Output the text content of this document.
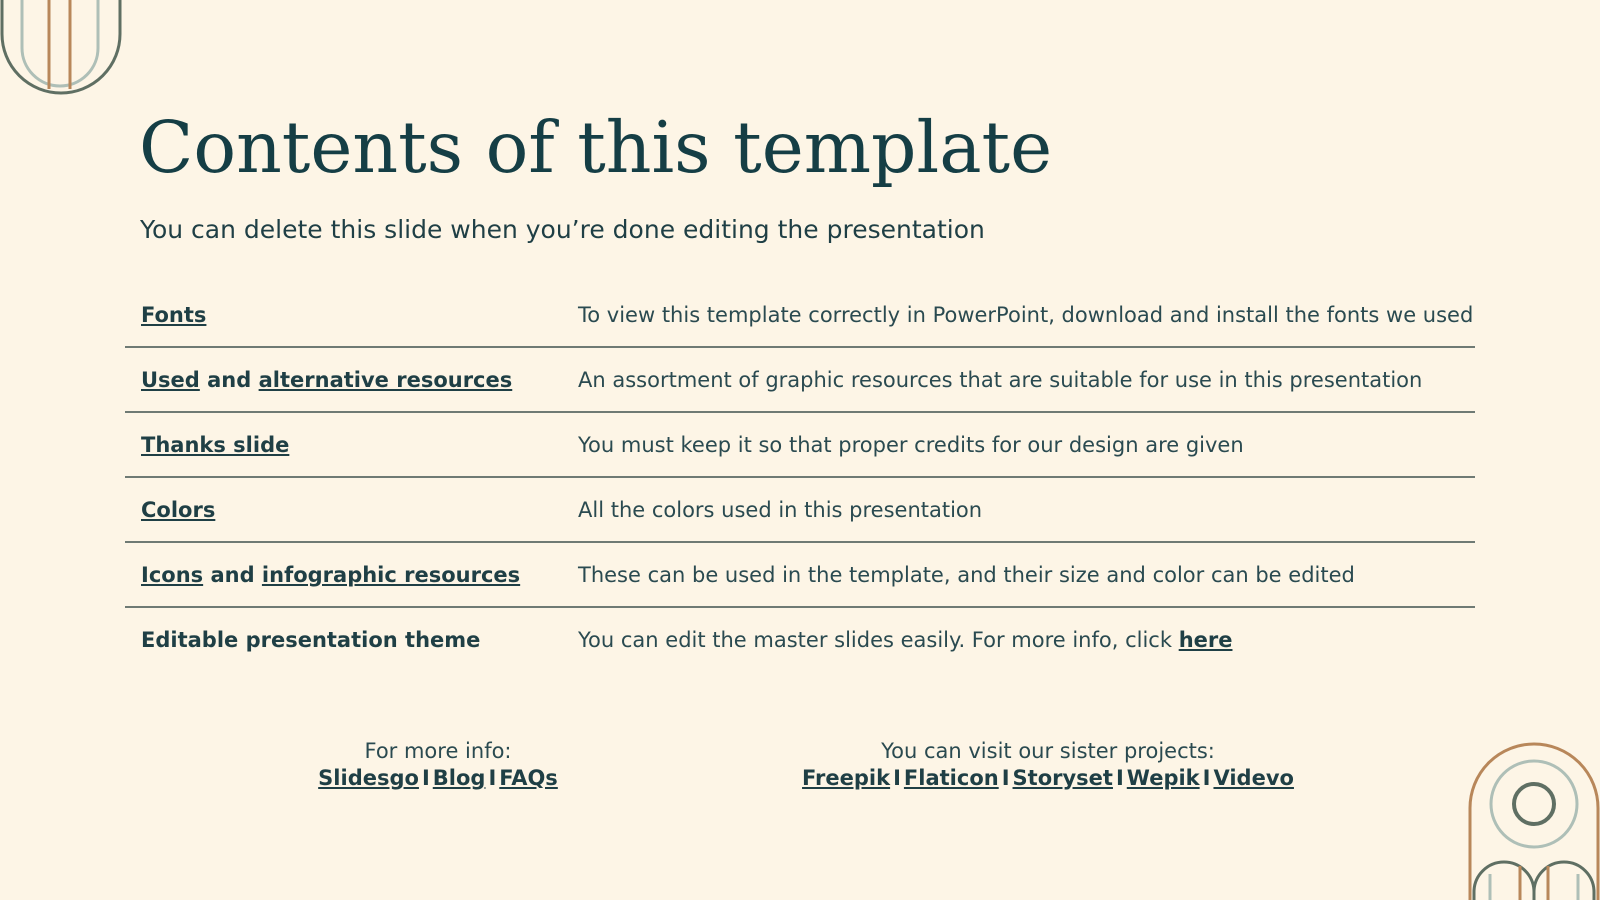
Contents of this template

You can delete this slide when you’re done editing the presentation

Fonts	To view this template correctly in PowerPoint, download and install the fonts we used
Used and alternative resources	An assortment of graphic resources that are suitable for use in this presentation
Thanks slide	You must keep it so that proper credits for our design are given
Colors	All the colors used in this presentation
Icons and infographic resources	These can be used in the template, and their size and color can be edited
Editable presentation theme	You can edit the master slides easily. For more info, click here
For more info:
Slidesgo I Blog I FAQs
You can visit our sister projects:
Freepik I Flaticon I Storyset I Wepik I Videvo
